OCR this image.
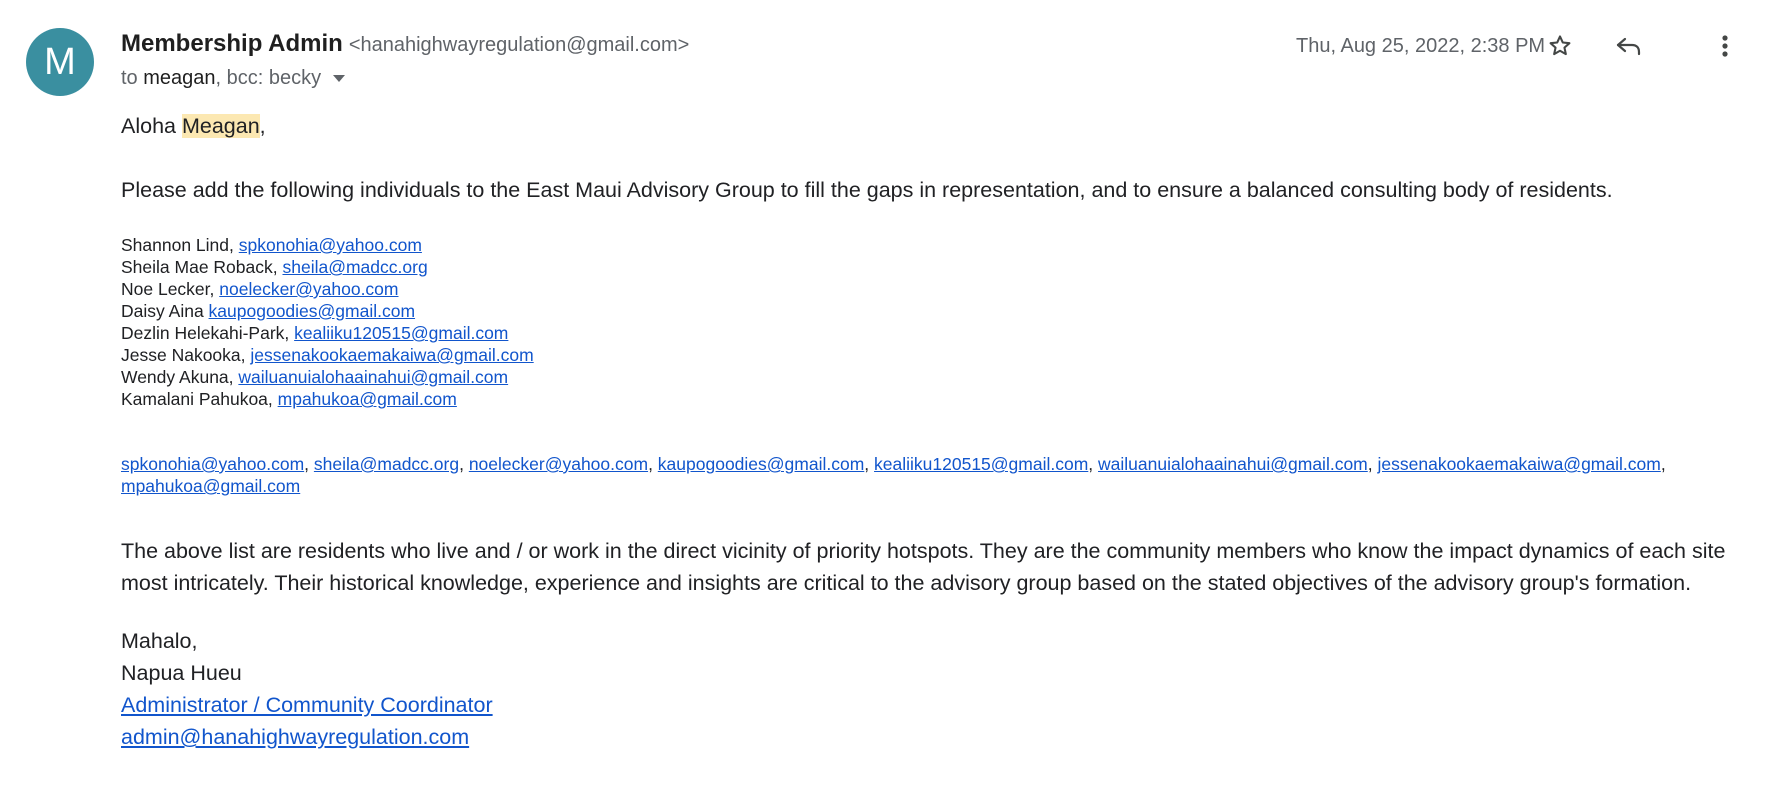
M Membership Admin <hanahighwayregulation@gmail.com>
to meagan , bcc: becky
Thu, Aug 25, 2022, 2:38 PM

Aloha Meagan,

Please add the following individuals to the East Maui Advisory Group to fill the gaps in representation, and to ensure a balanced consulting body of residents.

Shannon Lind, spkonohia@yahoo.com
Sheila Mae Roback, sheila@madcc.org
Noe Lecker, noelecker@yahoo.com
Daisy Aina kaupogoodies@gmail.com
Dezlin Helekahi-Park, kealiiku120515@gmail.com
Jesse Nakooka, jessenakookaemakaiwa@gmail.com
Wendy Akuna, wailuanuialohaainahui@gmail.com
Kamalani Pahukoa, mpahukoa@gmail.com
spkonohia@yahoo.com, sheila@madcc.org, noelecker@yahoo.com, kaupogoodies@gmail.com, kealiiku120515@gmail.com, wailuanuialohaainahui@gmail.com, jessenakookaemakaiwa@gmail.com, mpahukoa@gmail.com

The above list are residents who live and / or work in the direct vicinity of priority hotspots. They are the community members who know the impact dynamics of each site most intricately. Their historical knowledge, experience and insights are critical to the advisory group based on the stated objectives of the advisory group's formation.

Mahalo,
Napua Hueu
Administrator / Community Coordinator
admin@hanahighwayregulation.com
